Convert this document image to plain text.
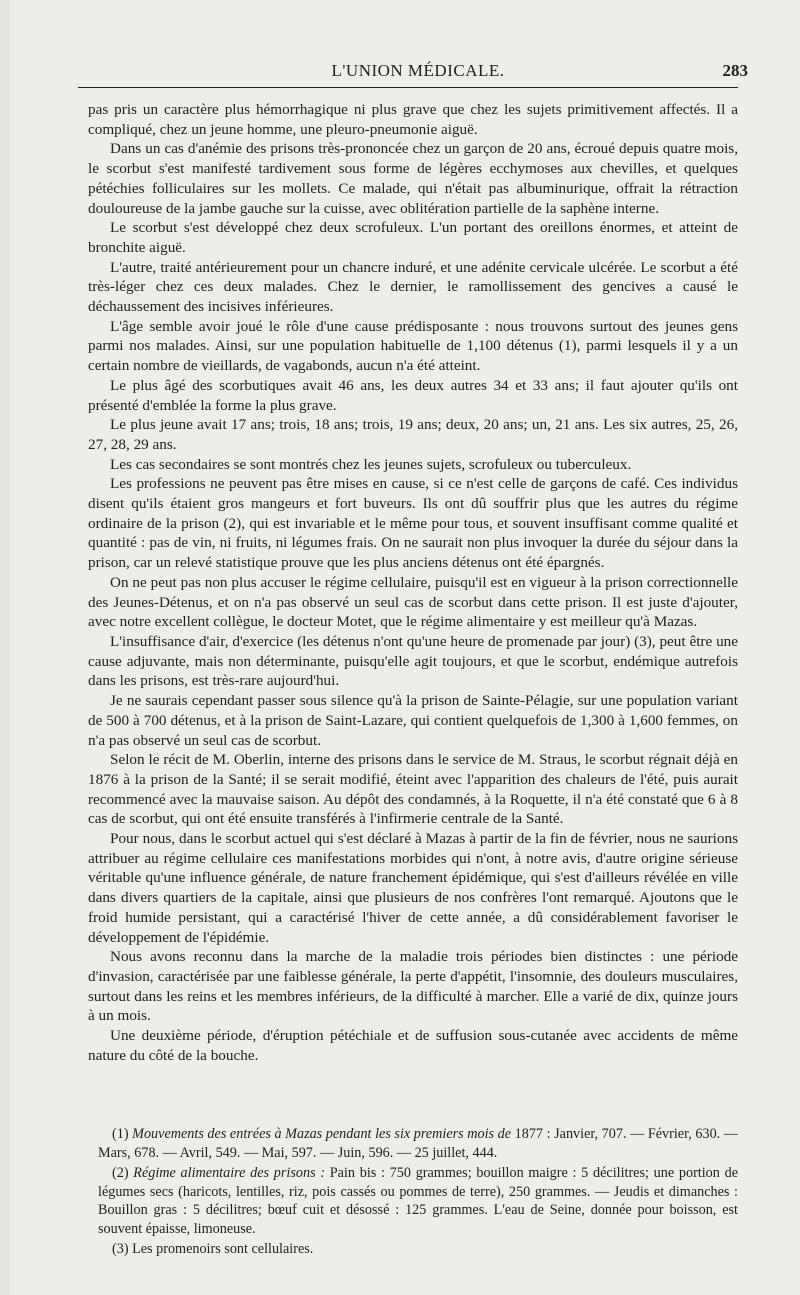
L'UNION MÉDICALE.	283

pas pris un caractère plus hémorrhagique ni plus grave que chez les sujets primitivement affectés. Il a compliqué, chez un jeune homme, une pleuro-pneumonie aiguë.

Dans un cas d'anémie des prisons très-prononcée chez un garçon de 20 ans, écroué depuis quatre mois, le scorbut s'est manifesté tardivement sous forme de légères ecchymoses aux chevilles, et quelques pétéchies folliculaires sur les mollets. Ce malade, qui n'était pas albuminurique, offrait la rétraction douloureuse de la jambe gauche sur la cuisse, avec oblitération partielle de la saphène interne.

Le scorbut s'est développé chez deux scrofuleux. L'un portant des oreillons énormes, et atteint de bronchite aiguë.

L'autre, traité antérieurement pour un chancre induré, et une adénite cervicale ulcérée. Le scorbut a été très-léger chez ces deux malades. Chez le dernier, le ramollissement des gencives a causé le déchaussement des incisives inférieures.

L'âge semble avoir joué le rôle d'une cause prédisposante : nous trouvons surtout des jeunes gens parmi nos malades. Ainsi, sur une population habituelle de 1,100 détenus (1), parmi lesquels il y a un certain nombre de vieillards, de vagabonds, aucun n'a été atteint.

Le plus âgé des scorbutiques avait 46 ans, les deux autres 34 et 33 ans; il faut ajouter qu'ils ont présenté d'emblée la forme la plus grave.

Le plus jeune avait 17 ans; trois, 18 ans; trois, 19 ans; deux, 20 ans; un, 21 ans. Les six autres, 25, 26, 27, 28, 29 ans.

Les cas secondaires se sont montrés chez les jeunes sujets, scrofuleux ou tuberculeux.

Les professions ne peuvent pas être mises en cause, si ce n'est celle de garçons de café. Ces individus disent qu'ils étaient gros mangeurs et fort buveurs. Ils ont dû souffrir plus que les autres du régime ordinaire de la prison (2), qui est invariable et le même pour tous, et souvent insuffisant comme qualité et quantité : pas de vin, ni fruits, ni légumes frais. On ne saurait non plus invoquer la durée du séjour dans la prison, car un relevé statistique prouve que les plus anciens détenus ont été épargnés.

On ne peut pas non plus accuser le régime cellulaire, puisqu'il est en vigueur à la prison correctionnelle des Jeunes-Détenus, et on n'a pas observé un seul cas de scorbut dans cette prison. Il est juste d'ajouter, avec notre excellent collègue, le docteur Motet, que le régime alimentaire y est meilleur qu'à Mazas.

L'insuffisance d'air, d'exercice (les détenus n'ont qu'une heure de promenade par jour) (3), peut être une cause adjuvante, mais non déterminante, puisqu'elle agit toujours, et que le scorbut, endémique autrefois dans les prisons, est très-rare aujourd'hui.

Je ne saurais cependant passer sous silence qu'à la prison de Sainte-Pélagie, sur une population variant de 500 à 700 détenus, et à la prison de Saint-Lazare, qui contient quelquefois de 1,300 à 1,600 femmes, on n'a pas observé un seul cas de scorbut.

Selon le récit de M. Oberlin, interne des prisons dans le service de M. Straus, le scorbut régnait déjà en 1876 à la prison de la Santé; il se serait modifié, éteint avec l'apparition des chaleurs de l'été, puis aurait recommencé avec la mauvaise saison. Au dépôt des condamnés, à la Roquette, il n'a été constaté que 6 à 8 cas de scorbut, qui ont été ensuite transférés à l'infirmerie centrale de la Santé.

Pour nous, dans le scorbut actuel qui s'est déclaré à Mazas à partir de la fin de février, nous ne saurions attribuer au régime cellulaire ces manifestations morbides qui n'ont, à notre avis, d'autre origine sérieuse véritable qu'une influence générale, de nature franchement épidémique, qui s'est d'ailleurs révélée en ville dans divers quartiers de la capitale, ainsi que plusieurs de nos confrères l'ont remarqué. Ajoutons que le froid humide persistant, qui a caractérisé l'hiver de cette année, a dû considérablement favoriser le développement de l'épidémie.

Nous avons reconnu dans la marche de la maladie trois périodes bien distinctes : une période d'invasion, caractérisée par une faiblesse générale, la perte d'appétit, l'insomnie, des douleurs musculaires, surtout dans les reins et les membres inférieurs, de la difficulté à marcher. Elle a varié de dix, quinze jours à un mois.

Une deuxième période, d'éruption pétéchiale et de suffusion sous-cutanée avec accidents de même nature du côté de la bouche.

(1) Mouvements des entrées à Mazas pendant les six premiers mois de 1877 : Janvier, 707. — Février, 630. — Mars, 678. — Avril, 549. — Mai, 597. — Juin, 596. — 25 juillet, 444.

(2) Régime alimentaire des prisons : Pain bis : 750 grammes; bouillon maigre : 5 décilitres; une portion de légumes secs (haricots, lentilles, riz, pois cassés ou pommes de terre), 250 grammes. — Jeudis et dimanches : Bouillon gras : 5 décilitres; bœuf cuit et désossé : 125 grammes. L'eau de Seine, donnée pour boisson, est souvent épaisse, limoneuse.

(3) Les promenoirs sont cellulaires.
